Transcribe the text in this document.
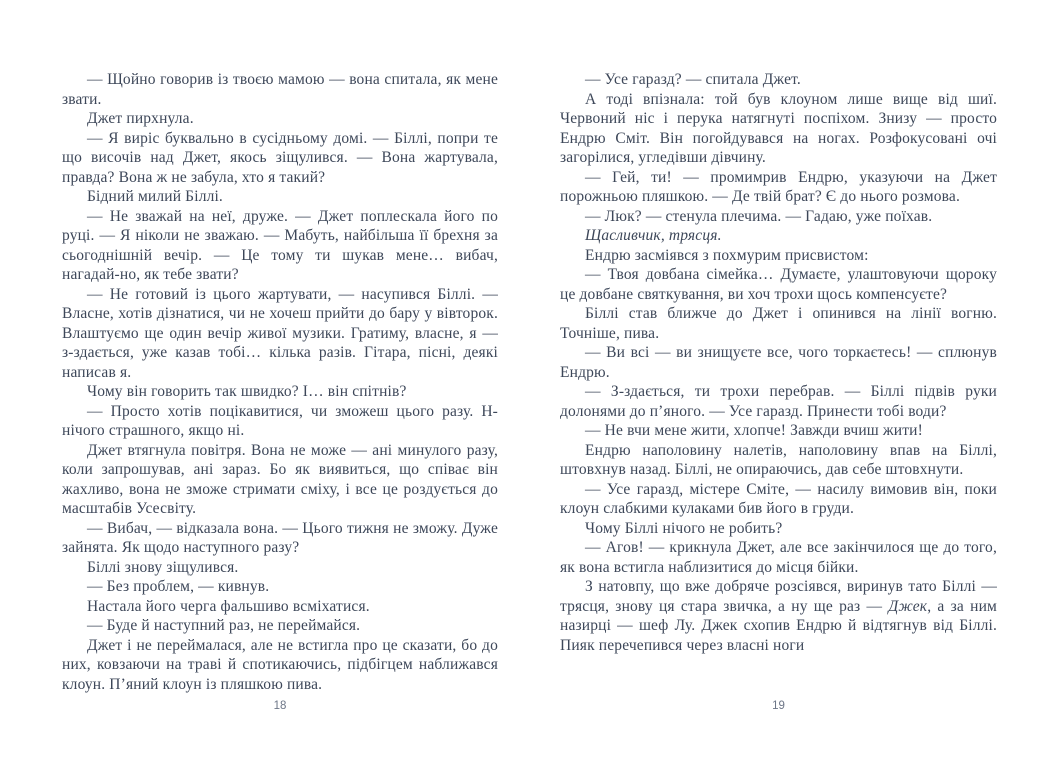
— Щойно говорив із твоєю мамою — вона спитала, як мене звати.

Джет пирхнула.

— Я виріс буквально в сусідньому домі. — Біллі, попри те що височів над Джет, якось зіщулився. — Вона жартувала, правда? Вона ж не забула, хто я такий?

Бідний милий Біллі.

— Не зважай на неї, друже. — Джет поплескала його по руці. — Я ніколи не зважаю. — Мабуть, найбільша її брехня за сьогоднішній вечір. — Це тому ти шукав мене… вибач, нагадай-но, як тебе звати?

— Не готовий із цього жартувати, — насупився Біллі. — Власне, хотів дізнатися, чи не хочеш прийти до бару у вівторок. Влаштуємо ще один вечір живої музики. Гратиму, власне, я — з-здається, уже казав тобі… кілька разів. Гітара, пісні, деякі написав я.

Чому він говорить так швидко? І… він спітнів?

— Просто хотів поцікавитися, чи зможеш цього разу. Н-нічого страшного, якщо ні.

Джет втягнула повітря. Вона не може — ані минулого разу, коли запрошував, ані зараз. Бо як виявиться, що співає він жахливо, вона не зможе стримати сміху, і все це роздується до масштабів Усесвіту.

— Вибач, — відказала вона. — Цього тижня не зможу. Дуже зайнята. Як щодо наступного разу?

Біллі знову зіщулився.

— Без проблем, — кивнув.

Настала його черга фальшиво всміхатися.

— Буде й наступний раз, не переймайся.

Джет і не переймалася, але не встигла про це сказати, бо до них, ковзаючи на траві й спотикаючись, підбігцем наближався клоун. П’яний клоун із пляшкою пива.

18

— Усе гаразд? — спитала Джет.

А тоді впізнала: той був клоуном лише вище від шиї. Червоний ніс і перука натягнуті поспіхом. Знизу — просто Ендрю Сміт. Він погойдувався на ногах. Розфокусовані очі загорілися, угледівши дівчину.

— Гей, ти! — промимрив Ендрю, указуючи на Джет порожньою пляшкою. — Де твій брат? Є до нього розмова.

— Люк? — стенула плечима. — Гадаю, уже поїхав.

Щасливчик, трясця.

Ендрю засміявся з похмурим присвистом:

— Твоя довбана сімейка… Думаєте, улаштовуючи щороку це довбане святкування, ви хоч трохи щось компенсуєте?

Біллі став ближче до Джет і опинився на лінії вогню. Точніше, пива.

— Ви всі — ви знищуєте все, чого торкаєтесь! — сплюнув Ендрю.

— З-здається, ти трохи перебрав. — Біллі підвів руки долонями до п’яного. — Усе гаразд. Принести тобі води?

— Не вчи мене жити, хлопче! Завжди вчиш жити!

Ендрю наполовину налетів, наполовину впав на Біллі, штовхнув назад. Біллі, не опираючись, дав себе штовхнути.

— Усе гаразд, містере Сміте, — насилу вимовив він, поки клоун слабкими кулаками бив його в груди.

Чому Біллі нічого не робить?

— Агов! — крикнула Джет, але все закінчилося ще до того, як вона встигла наблизитися до місця бійки.

З натовпу, що вже добряче розсіявся, виринув тато Біллі — трясця, знову ця стара звичка, а ну ще раз — Джек, а за ним назирці — шеф Лу. Джек схопив Ендрю й відтягнув від Біллі. Пияк перечепився через власні ноги

19
